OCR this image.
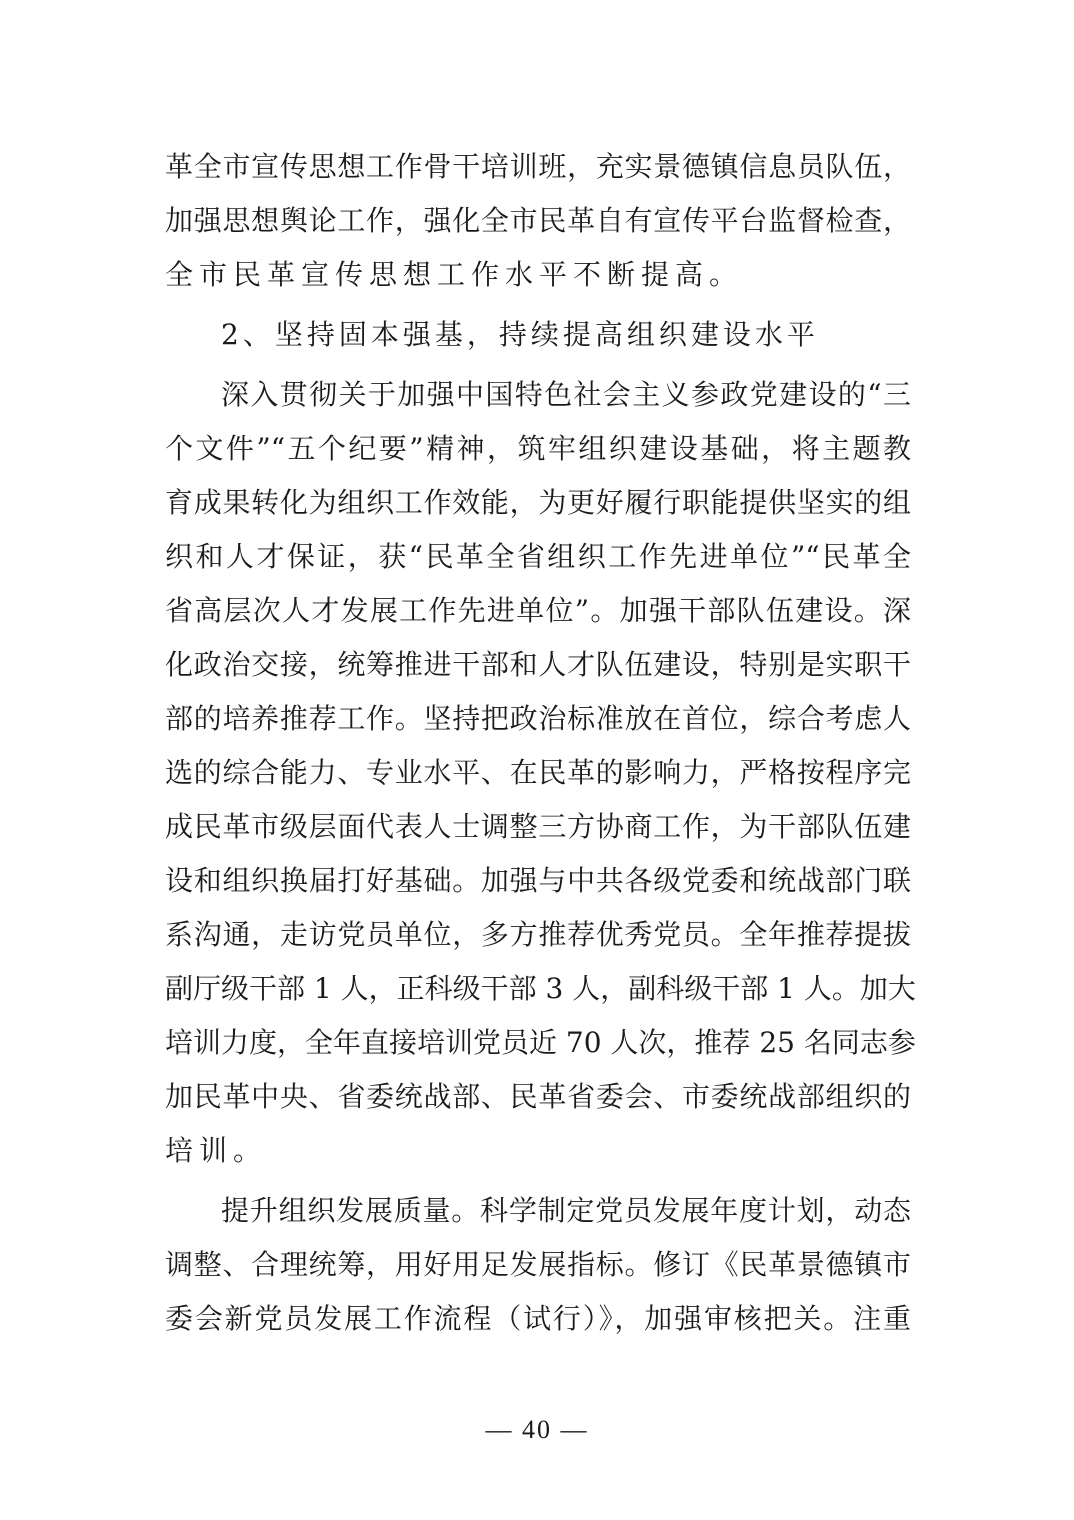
革全市宣传思想工作骨干培训班，充实景德镇信息员队伍，
加强思想舆论工作，强化全市民革自有宣传平台监督检查，
全市民革宣传思想工作水平不断提高。
2、坚持固本强基，持续提高组织建设水平
深入贯彻关于加强中国特色社会主义参政党建设的“三
个文件”“五个纪要”精神，筑牢组织建设基础，将主题教
育成果转化为组织工作效能，为更好履行职能提供坚实的组
织和人才保证，获“民革全省组织工作先进单位”“民革全
省高层次人才发展工作先进单位”。加强干部队伍建设。深
化政治交接，统筹推进干部和人才队伍建设，特别是实职干
部的培养推荐工作。坚持把政治标准放在首位，综合考虑人
选的综合能力、专业水平、在民革的影响力，严格按程序完
成民革市级层面代表人士调整三方协商工作，为干部队伍建
设和组织换届打好基础。加强与中共各级党委和统战部门联
系沟通，走访党员单位，多方推荐优秀党员。全年推荐提拔
副厅级干部 1 人，正科级干部 3 人，副科级干部 1 人。加大
培训力度，全年直接培训党员近 70 人次，推荐 25 名同志参
加民革中央、省委统战部、民革省委会、市委统战部组织的
培训。
提升组织发展质量。科学制定党员发展年度计划，动态
调整、合理统筹，用好用足发展指标。修订《民革景德镇市
委会新党员发展工作流程（试行）》，加强审核把关。注重
— 40 —
